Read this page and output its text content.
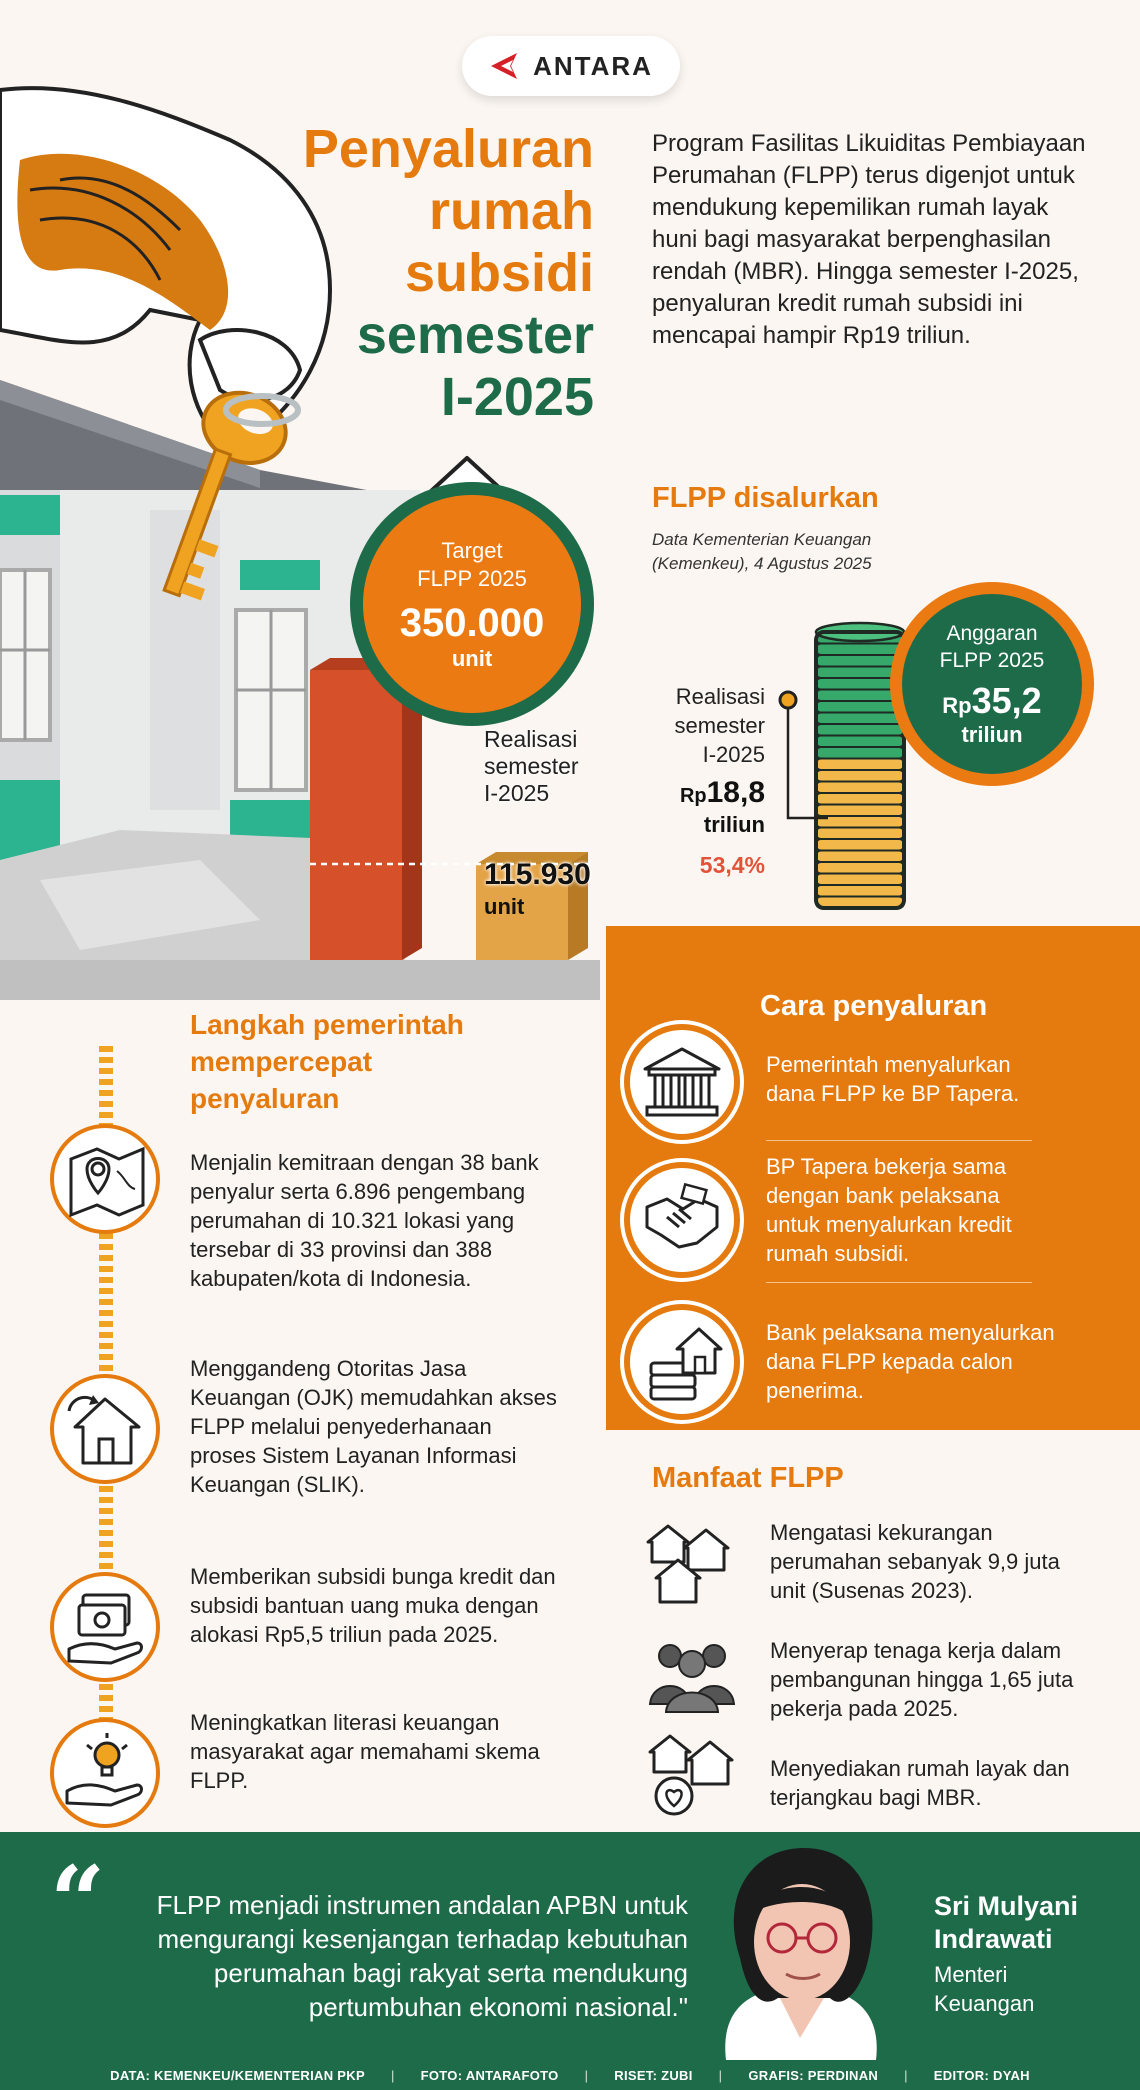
ANTARA
Penyaluran
rumah
subsidi
semester
I-2025

Program Fasilitas Likuiditas Pembiayaan Perumahan (FLPP) terus digenjot untuk mendukung kepemilikan rumah layak huni bagi masyarakat berpenghasilan rendah (MBR). Hingga semester I-2025, penyaluran kredit rumah subsidi ini mencapai hampir Rp19 triliun.

Target
FLPP 2025
350.000
unit
Realisasi
semester
I-2025
115.930
unit
FLPP disalurkan
Data Kementerian Keuangan
(Kemenkeu), 4 Agustus 2025
Anggaran
FLPP 2025
Rp35,2
triliun
Realisasi
semester
I-2025
Rp18,8
triliun
53,4%
Langkah pemerintah
mempercepat
penyaluran

Menjalin kemitraan dengan 38 bank penyalur serta 6.896 pengembang perumahan di 10.321 lokasi yang tersebar di 33 provinsi dan 388 kabupaten/kota di Indonesia.

Menggandeng Otoritas Jasa Keuangan (OJK) memudahkan akses FLPP melalui penyederhanaan proses Sistem Layanan Informasi Keuangan (SLIK).

Memberikan subsidi bunga kredit dan subsidi bantuan uang muka dengan alokasi Rp5,5 triliun pada 2025.

Meningkatkan literasi keuangan masyarakat agar memahami skema FLPP.

Cara penyaluran

Pemerintah menyalurkan dana FLPP ke BP Tapera.

BP Tapera bekerja sama dengan bank pelaksana untuk menyalurkan kredit rumah subsidi.

Bank pelaksana menyalurkan dana FLPP kepada calon penerima.

Manfaat FLPP

Mengatasi kekurangan perumahan sebanyak 9,9 juta unit (Susenas 2023).

Menyerap tenaga kerja dalam pembangunan hingga 1,65 juta pekerja pada 2025.

Menyediakan rumah layak dan terjangkau bagi MBR.

“	FLPP menjadi instrumen andalan APBN untuk mengurangi kesenjangan terhadap kebutuhan perumahan bagi rakyat serta mendukung pertumbuhan ekonomi nasional."

Sri Mulyani
Indrawati
Menteri
Keuangan
DATA: KEMENKEU/KEMENTERIAN PKP | FOTO: ANTARAFOTO | RISET: ZUBI | GRAFIS: PERDINAN | EDITOR: DYAH
